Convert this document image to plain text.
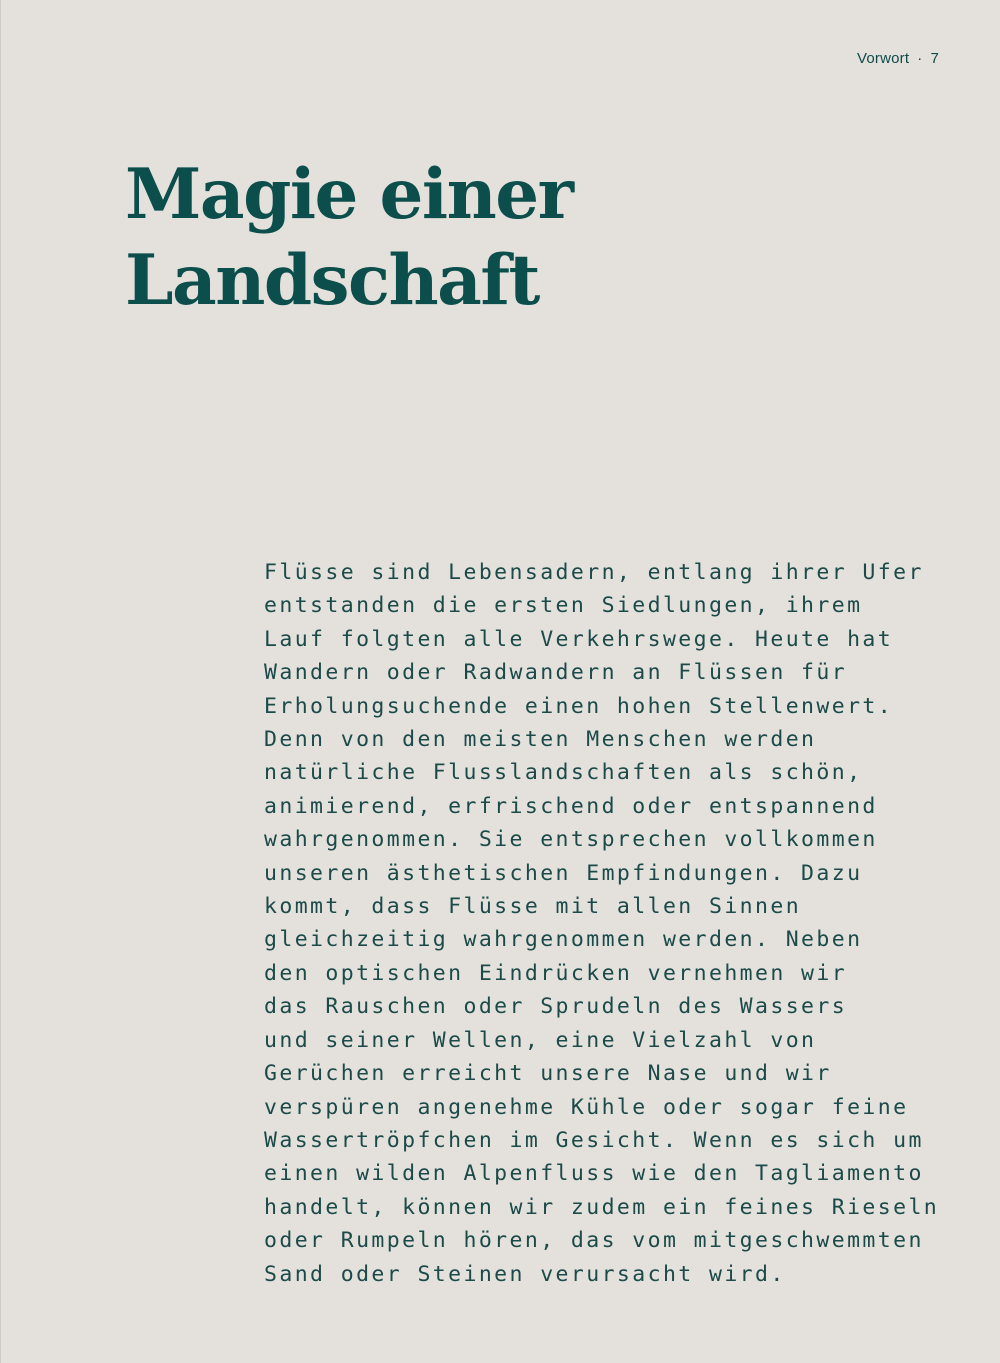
Vorwort · 7
Magie einer
Landschaft

Flüsse sind Lebensadern, entlang ihrer Ufer
entstanden die ersten Siedlungen, ihrem
Lauf folgten alle Verkehrswege. Heute hat
Wandern oder Radwandern an Flüssen für
Erholungsuchende einen hohen Stellenwert.
Denn von den meisten Menschen werden
natürliche Flusslandschaften als schön,
animierend, erfrischend oder entspannend
wahrgenommen. Sie entsprechen vollkommen
unseren ästhetischen Empfindungen. Dazu
kommt, dass Flüsse mit allen Sinnen
gleichzeitig wahrgenommen werden. Neben
den optischen Eindrücken vernehmen wir
das Rauschen oder Sprudeln des Wassers
und seiner Wellen, eine Vielzahl von
Gerüchen erreicht unsere Nase und wir
verspüren angenehme Kühle oder sogar feine
Wassertröpfchen im Gesicht. Wenn es sich um
einen wilden Alpenfluss wie den Tagliamento
handelt, können wir zudem ein feines Rieseln
oder Rumpeln hören, das vom mitgeschwemmten
Sand oder Steinen verursacht wird.
